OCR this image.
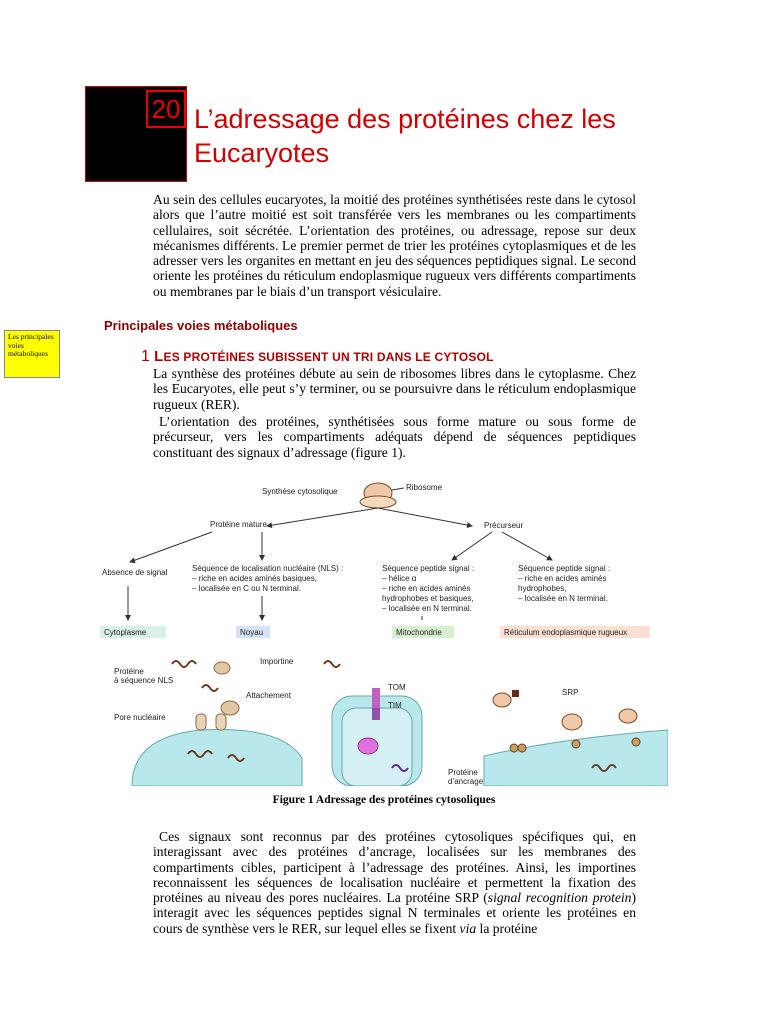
20 L’adressage des protéines chez les
Eucaryotes

Au sein des cellules eucaryotes, la moitié des protéines synthétisées reste dans le cytosol alors que l’autre moitié est soit transférée vers les membranes ou les compartiments cellulaires, soit sécrétée. L’orientation des protéines, ou adressage, repose sur deux mécanismes différents. Le premier permet de trier les protéines cytoplasmiques et de les adresser vers les organites en mettant en jeu des séquences peptidiques signal. Le second oriente les protéines du réticulum endoplasmique rugueux vers différents compartiments ou membranes par le biais d’un transport vésiculaire.

Les principales voies métaboliques
Principales voies métaboliques
1 LES PROTÉINES SUBISSENT UN TRI DANS LE CYTOSOL

La synthèse des protéines débute au sein de ribosomes libres dans le cytoplasme. Chez les Eucaryotes, elle peut s’y terminer, ou se poursuivre dans le réticulum endoplasmique rugueux (RER).

L’orientation des protéines, synthétisées sous forme mature ou sous forme de précurseur, vers les compartiments adéquats dépend de séquences peptidiques constituant des signaux d’adressage (figure 1).

Synthèse cytosolique	Ribosome
Protéine mature	Précurseur
Absence de signal	Séquence de localisation nucléaire (NLS) :
– riche en acides aminés basiques,
– localisée en C ou N terminal.
Séquence peptide signal :
– hélice α
– riche en acides aminés
hydrophobes et basiques,
– localisée en N terminal.
Séquence peptide signal :
– riche en acides aminés
hydrophobes,
– localisée en N terminal.
Cytoplasme	Noyau	Mitochondrie	Réticulum endoplasmique rugueux
Protéine
à séquence NLS
Importine
Attachement
Pore nucléaire
TOM
TIM
SRP
Protéine
d’ancrage
Figure 1 Adressage des protéines cytosoliques

Ces signaux sont reconnus par des protéines cytosoliques spécifiques qui, en interagissant avec des protéines d’ancrage, localisées sur les membranes des compartiments cibles, participent à l’adressage des protéines. Ainsi, les importines reconnaissent les séquences de localisation nucléaire et permettent la fixation des protéines au niveau des pores nucléaires. La protéine SRP (signal recognition protein) interagit avec les séquences peptides signal N terminales et oriente les protéines en cours de synthèse vers le RER, sur lequel elles se fixent via la protéine
